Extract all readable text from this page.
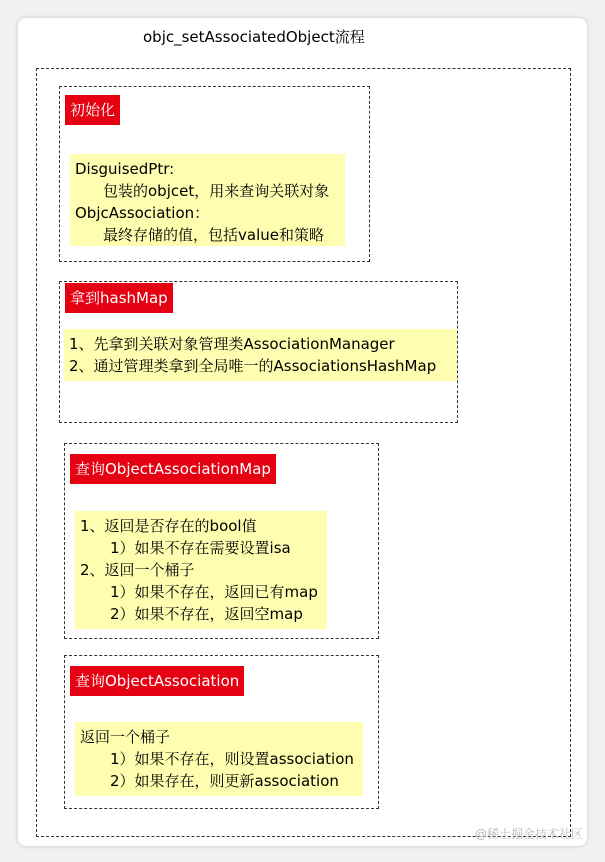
objc_setAssociatedObject流程
初始化
DisguisedPtr:
包装的objcet，用来查询关联对象
ObjcAssociation：
最终存储的值，包括value和策略
拿到hashMap
1、先拿到关联对象管理类AssociationManager
2、通过管理类拿到全局唯一的AssociationsHashMap
查询ObjectAssociationMap
1、返回是否存在的bool值
1）如果不存在需要设置isa
2、返回一个桶子
1）如果不存在，返回已有map
2）如果不存在，返回空map
查询ObjectAssociation
返回一个桶子
1）如果不存在，则设置association
2）如果存在，则更新association
@稀土掘金技术社区
